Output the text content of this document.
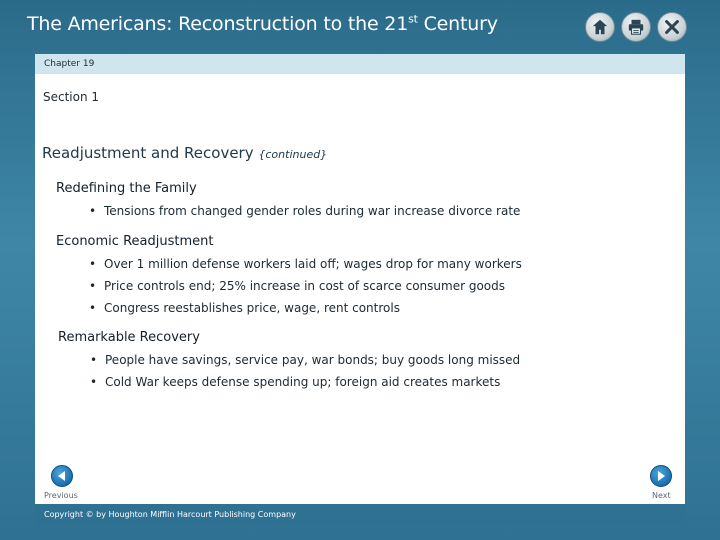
The Americans: Reconstruction to the 21st Century
Chapter 19
Section 1
Readjustment and Recovery {continued}
Redefining the Family
• Tensions from changed gender roles during war increase divorce rate
Economic Readjustment
• Over 1 million defense workers laid off; wages drop for many workers
• Price controls end; 25% increase in cost of scarce consumer goods
• Congress reestablishes price, wage, rent controls
Remarkable Recovery
• People have savings, service pay, war bonds; buy goods long missed
• Cold War keeps defense spending up; foreign aid creates markets
Previous	Next
Copyright © by Houghton Mifflin Harcourt Publishing Company
